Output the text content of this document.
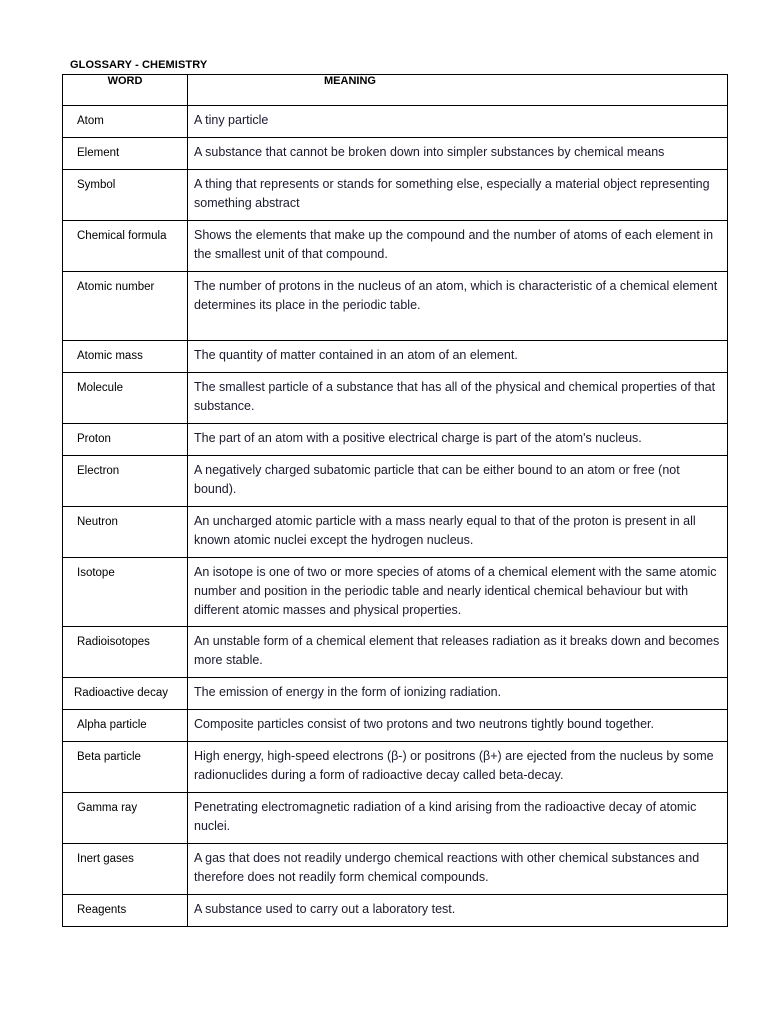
GLOSSARY - CHEMISTRY
WORD	MEANING
Atom	A tiny particle
Element	A substance that cannot be broken down into simpler substances by chemical means
Symbol	A thing that represents or stands for something else, especially a material object representing something abstract
Chemical formula	Shows the elements that make up the compound and the number of atoms of each element in the smallest unit of that compound.
Atomic number	The number of protons in the nucleus of an atom, which is characteristic of a chemical element determines its place in the periodic table.
Atomic mass	The quantity of matter contained in an atom of an element.
Molecule	The smallest particle of a substance that has all of the physical and chemical properties of that substance.
Proton	The part of an atom with a positive electrical charge is part of the atom's nucleus.
Electron	A negatively charged subatomic particle that can be either bound to an atom or free (not bound).
Neutron	An uncharged atomic particle with a mass nearly equal to that of the proton is present in all known atomic nuclei except the hydrogen nucleus.
Isotope	An isotope is one of two or more species of atoms of a chemical element with the same atomic number and position in the periodic table and nearly identical chemical behaviour but with different atomic masses and physical properties.
Radioisotopes	An unstable form of a chemical element that releases radiation as it breaks down and becomes more stable.
Radioactive decay	The emission of energy in the form of ionizing radiation.
Alpha particle	Composite particles consist of two protons and two neutrons tightly bound together.
Beta particle	High energy, high-speed electrons (β-) or positrons (β+) are ejected from the nucleus by some radionuclides during a form of radioactive decay called beta-decay.
Gamma ray	Penetrating electromagnetic radiation of a kind arising from the radioactive decay of atomic nuclei.
Inert gases	A gas that does not readily undergo chemical reactions with other chemical substances and therefore does not readily form chemical compounds.
Reagents	A substance used to carry out a laboratory test.
